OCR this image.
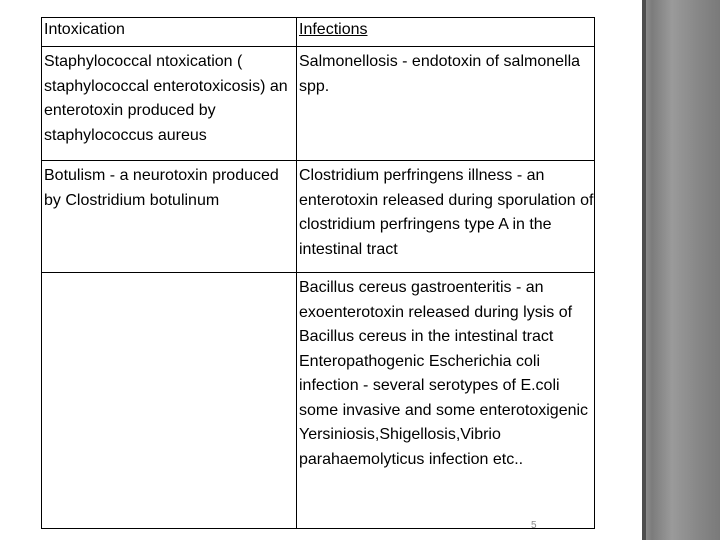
Intoxication	Infections
Staphylococcal ntoxication ( staphylococcal enterotoxicosis) an enterotoxin produced by staphylococcus aureus	Salmonellosis - endotoxin of salmonella spp.
Botulism - a neurotoxin produced by Clostridium botulinum	Clostridium perfringens illness - an enterotoxin released during sporulation of clostridium perfringens type A in the intestinal tract
	Bacillus cereus gastroenteritis - an exoenterotoxin released during lysis of Bacillus cereus in the intestinal tract Enteropathogenic Escherichia coli infection - several serotypes of E.coli some invasive and some enterotoxigenic Yersiniosis,Shigellosis,Vibrio parahaemolyticus infection etc..
5
